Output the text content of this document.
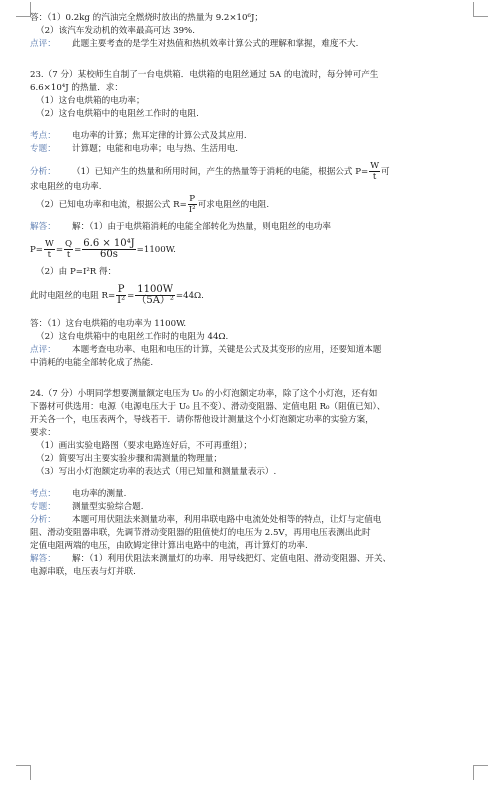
答：（1）0.2kg 的汽油完全燃烧时放出的热量为 9.2×10⁶J；
（2）该汽车发动机的效率最高可达 39%.
点评： 此题主要考查的是学生对热值和热机效率计算公式的理解和掌握，难度不大.
23.（7 分）某校师生自制了一台电烘箱．电烘箱的电阻丝通过 5A 的电流时，每分钟可产生
6.6×10⁴J 的热量．求：
（1）这台电烘箱的电功率；
（2）这台电烘箱中的电阻丝工作时的电阻.
考点： 电功率的计算；焦耳定律的计算公式及其应用.
专题： 计算题；电能和电功率；电与热、生活用电.
分析： （1）已知产生的热量和所用时间，产生的热量等于消耗的电能，根据公式 $P= \frac{W}{t}$ 可
求电阻丝的电功率.
（2）已知电功率和电流，根据公式 $R= \frac{P}{\text{I²}}$ 可求电阻丝的电阻.
解答： 解：（1）由于电烘箱消耗的电能全部转化为热量，则电阻丝的电功率
$P= \frac{W}{t} = \frac{Q}{t} = \frac{\text{6.6 × 10⁴J}}{60s} =1100W$.
（2）由 P=I²R 得：
此时电阻丝的电阻 $R= \frac{P}{\text{I²}} = \frac{1100W}{\text{（5A）²}} =44\Omega$.
答：（1）这台电烘箱的电功率为 1100W.
（2）这台电烘箱中的电阻丝工作时的电阻为 44Ω.
点评： 本题考查电功率、电阻和电压的计算，关键是公式及其变形的应用，还要知道本题
中消耗的电能全部转化成了热能.
24.（7 分）小明同学想要测量额定电压为 U₀ 的小灯泡额定功率，除了这个小灯泡，还有如
下器材可供选用：电源（电源电压大于 U₀ 且不变）、滑动变阻器、定值电阻 R₀（阻值已知）、
开关各一个，电压表两个，导线若干．请你帮他设计测量这个小灯泡额定功率的实验方案，
要求：
（1）画出实验电路图（要求电路连好后，不可再重组）；
（2）简要写出主要实验步骤和需测量的物理量；
（3）写出小灯泡额定功率的表达式（用已知量和测量量表示）.
考点： 电功率的测量.
专题： 测量型实验综合题.
分析： 本题可用伏阻法来测量功率，利用串联电路中电流处处相等的特点，让灯与定值电
阻、滑动变阻器串联，先调节滑动变阻器的阻值使灯的电压为 2.5V，再用电压表测出此时
定值电阻两端的电压，由欧姆定律计算出电路中的电流，再计算灯的功率.
解答： 解：（1）利用伏阻法来测量灯的功率．用导线把灯、定值电阻、滑动变阻器、开关、
电源串联，电压表与灯并联.
